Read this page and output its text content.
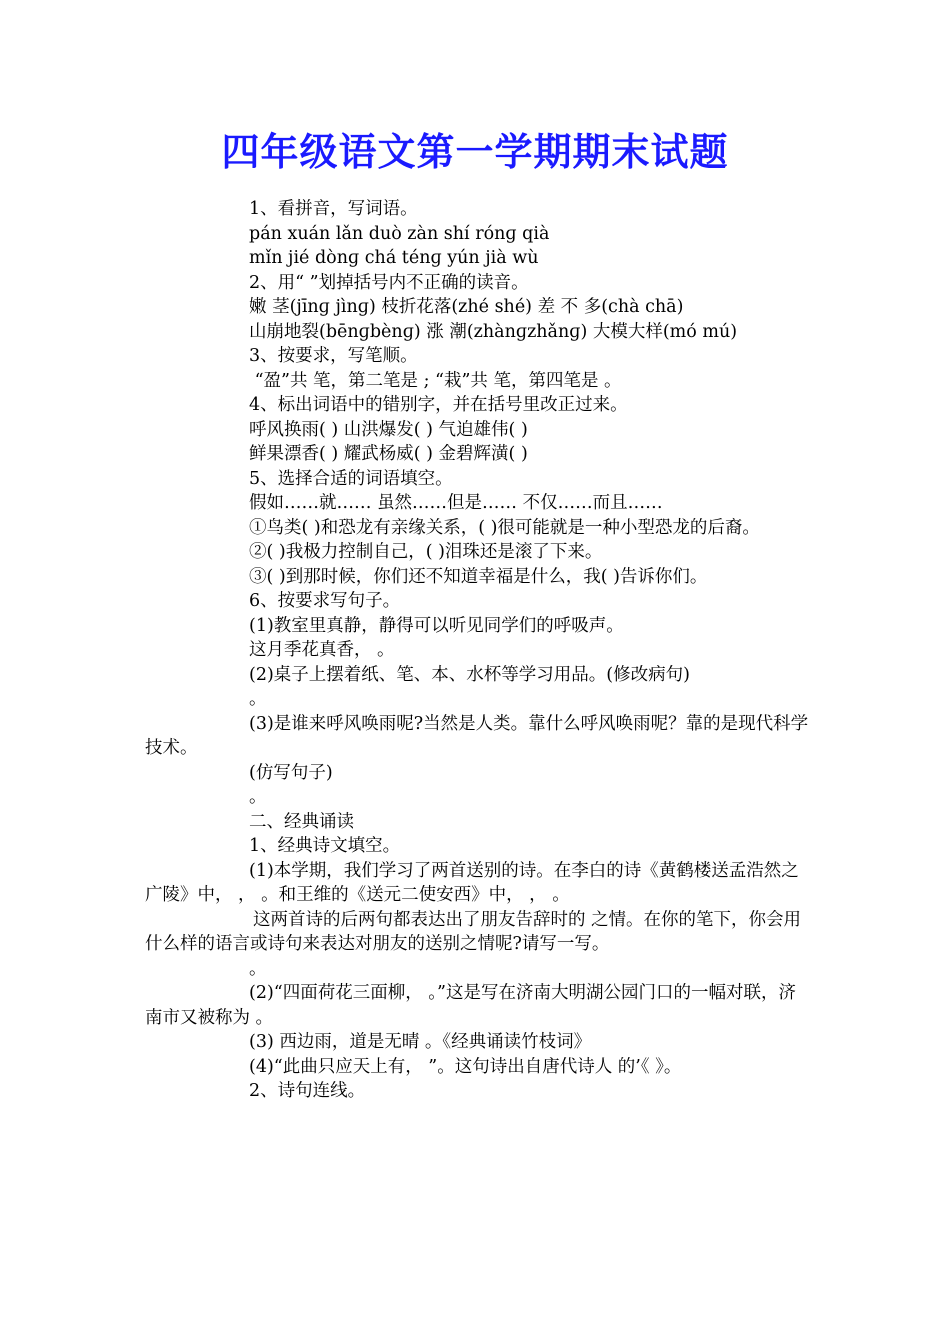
四年级语文第一学期期末试题
1、看拼音，写词语。
pán xuán lǎn duò zàn shí rónɡ qià
mǐn jié dònɡ chá ténɡ yún jià wù
2、用“ ”划掉括号内不正确的读音。
嫩 茎(jīnɡ jìnɡ) 枝折花落(zhé shé) 差 不 多(chà chā)
山崩地裂(bēnɡbènɡ) 涨 潮(zhànɡzhǎnɡ) 大模大样(mó mú)
3、按要求，写笔顺。
“盈”共 笔，第二笔是 ; “栽”共 笔，第四笔是 。
4、标出词语中的错别字，并在括号里改正过来。
呼风换雨( ) 山洪爆发( ) 气迫雄伟( )
鲜果漂香( ) 耀武杨威( ) 金碧辉潢( )
5、选择合适的词语填空。
假如……就…… 虽然……但是…… 不仅……而且……
①鸟类( )和恐龙有亲缘关系，( )很可能就是一种小型恐龙的后裔。
②( )我极力控制自己，( )泪珠还是滚了下来。
③( )到那时候，你们还不知道幸福是什么，我( )告诉你们。
6、按要求写句子。
(1)教室里真静，静得可以听见同学们的呼吸声。
这月季花真香， 。
(2)桌子上摆着纸、笔、本、水杯等学习用品。(修改病句)
。
(3)是谁来呼风唤雨呢?当然是人类。靠什么呼风唤雨呢？靠的是现代科学技术。
(仿写句子)
。
二、经典诵读
1、经典诗文填空。
(1)本学期，我们学习了两首送别的诗。在李白的诗《黄鹤楼送孟浩然之广陵》中， ， 。和王维的《送元二使安西》中， ， 。
这两首诗的后两句都表达出了朋友告辞时的 之情。在你的笔下，你会用什么样的语言或诗句来表达对朋友的送别之情呢?请写一写。
。
(2)“四面荷花三面柳， 。”这是写在济南大明湖公园门口的一幅对联，济南市又被称为 。
(3) 西边雨，道是无晴 。《经典诵读竹枝词》
(4)“此曲只应天上有， ”。这句诗出自唐代诗人 的’《 》。
2、诗句连线。
